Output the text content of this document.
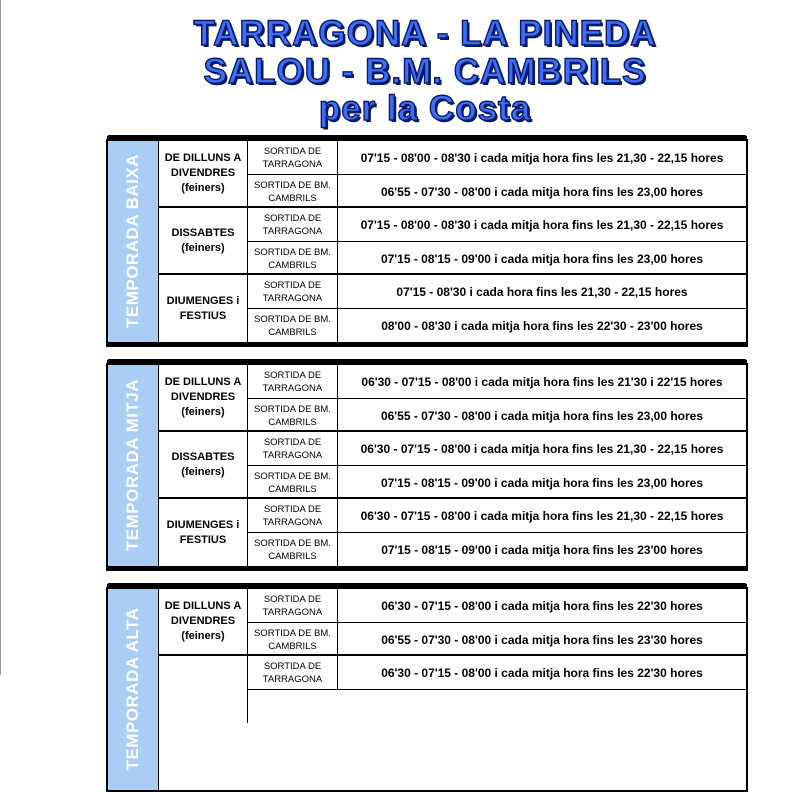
TARRAGONA - LA PINEDA
SALOU - B.M. CAMBRILS
per la Costa
TEMPORADA BAIXA	DE DILLUNS A DIVENDRES
(feiners)
SORTIDA DE TARRAGONA	07'15 - 08'00 - 08'30 i cada mitja hora fins les 21,30 - 22,15 hores
SORTIDA DE BM. CAMBRILS	06'55 - 07'30 - 08'00 i cada mitja hora fins les 23,00 hores
DISSABTES
(feiners)
SORTIDA DE TARRAGONA	07'15 - 08'00 - 08'30 i cada mitja hora fins les 21,30 - 22,15 hores
SORTIDA DE BM. CAMBRILS	07'15 - 08'15 - 09'00 i cada mitja hora fins les 23,00 hores
DIUMENGES i FESTIUS
SORTIDA DE TARRAGONA	07'15 - 08'30 i cada hora fins les 21,30 - 22,15 hores
SORTIDA DE BM. CAMBRILS	08'00 - 08'30 i cada mitja hora fins les 22'30 - 23'00 hores
TEMPORADA MITJA	DE DILLUNS A DIVENDRES
(feiners)
SORTIDA DE TARRAGONA	06'30 - 07'15 - 08'00 i cada mitja hora fins les 21'30 i 22'15 hores
SORTIDA DE BM. CAMBRILS	06'55 - 07'30 - 08'00 i cada mitja hora fins les 23,00 hores
DISSABTES
(feiners)
SORTIDA DE TARRAGONA	06'30 - 07'15 - 08'00 i cada mitja hora fins les 21,30 - 22,15 hores
SORTIDA DE BM. CAMBRILS	07'15 - 08'15 - 09'00 i cada mitja hora fins les 23,00 hores
DIUMENGES i FESTIUS
SORTIDA DE TARRAGONA	06'30 - 07'15 - 08'00 i cada mitja hora fins les 21,30 - 22,15 hores
SORTIDA DE BM. CAMBRILS	07'15 - 08'15 - 09'00 i cada mitja hora fins les 23'00 hores
TEMPORADA ALTA
DE DILLUNS A DIVENDRES
(feiners)
SORTIDA DE TARRAGONA	06'30 - 07'15 - 08'00 i cada mitja hora fins les 22'30 hores
SORTIDA DE BM. CAMBRILS	06'55 - 07'30 - 08'00 i cada mitja hora fins les 23'30 hores
SORTIDA DE TARRAGONA	06'30 - 07'15 - 08'00 i cada mitja hora fins les 22'30 hores
